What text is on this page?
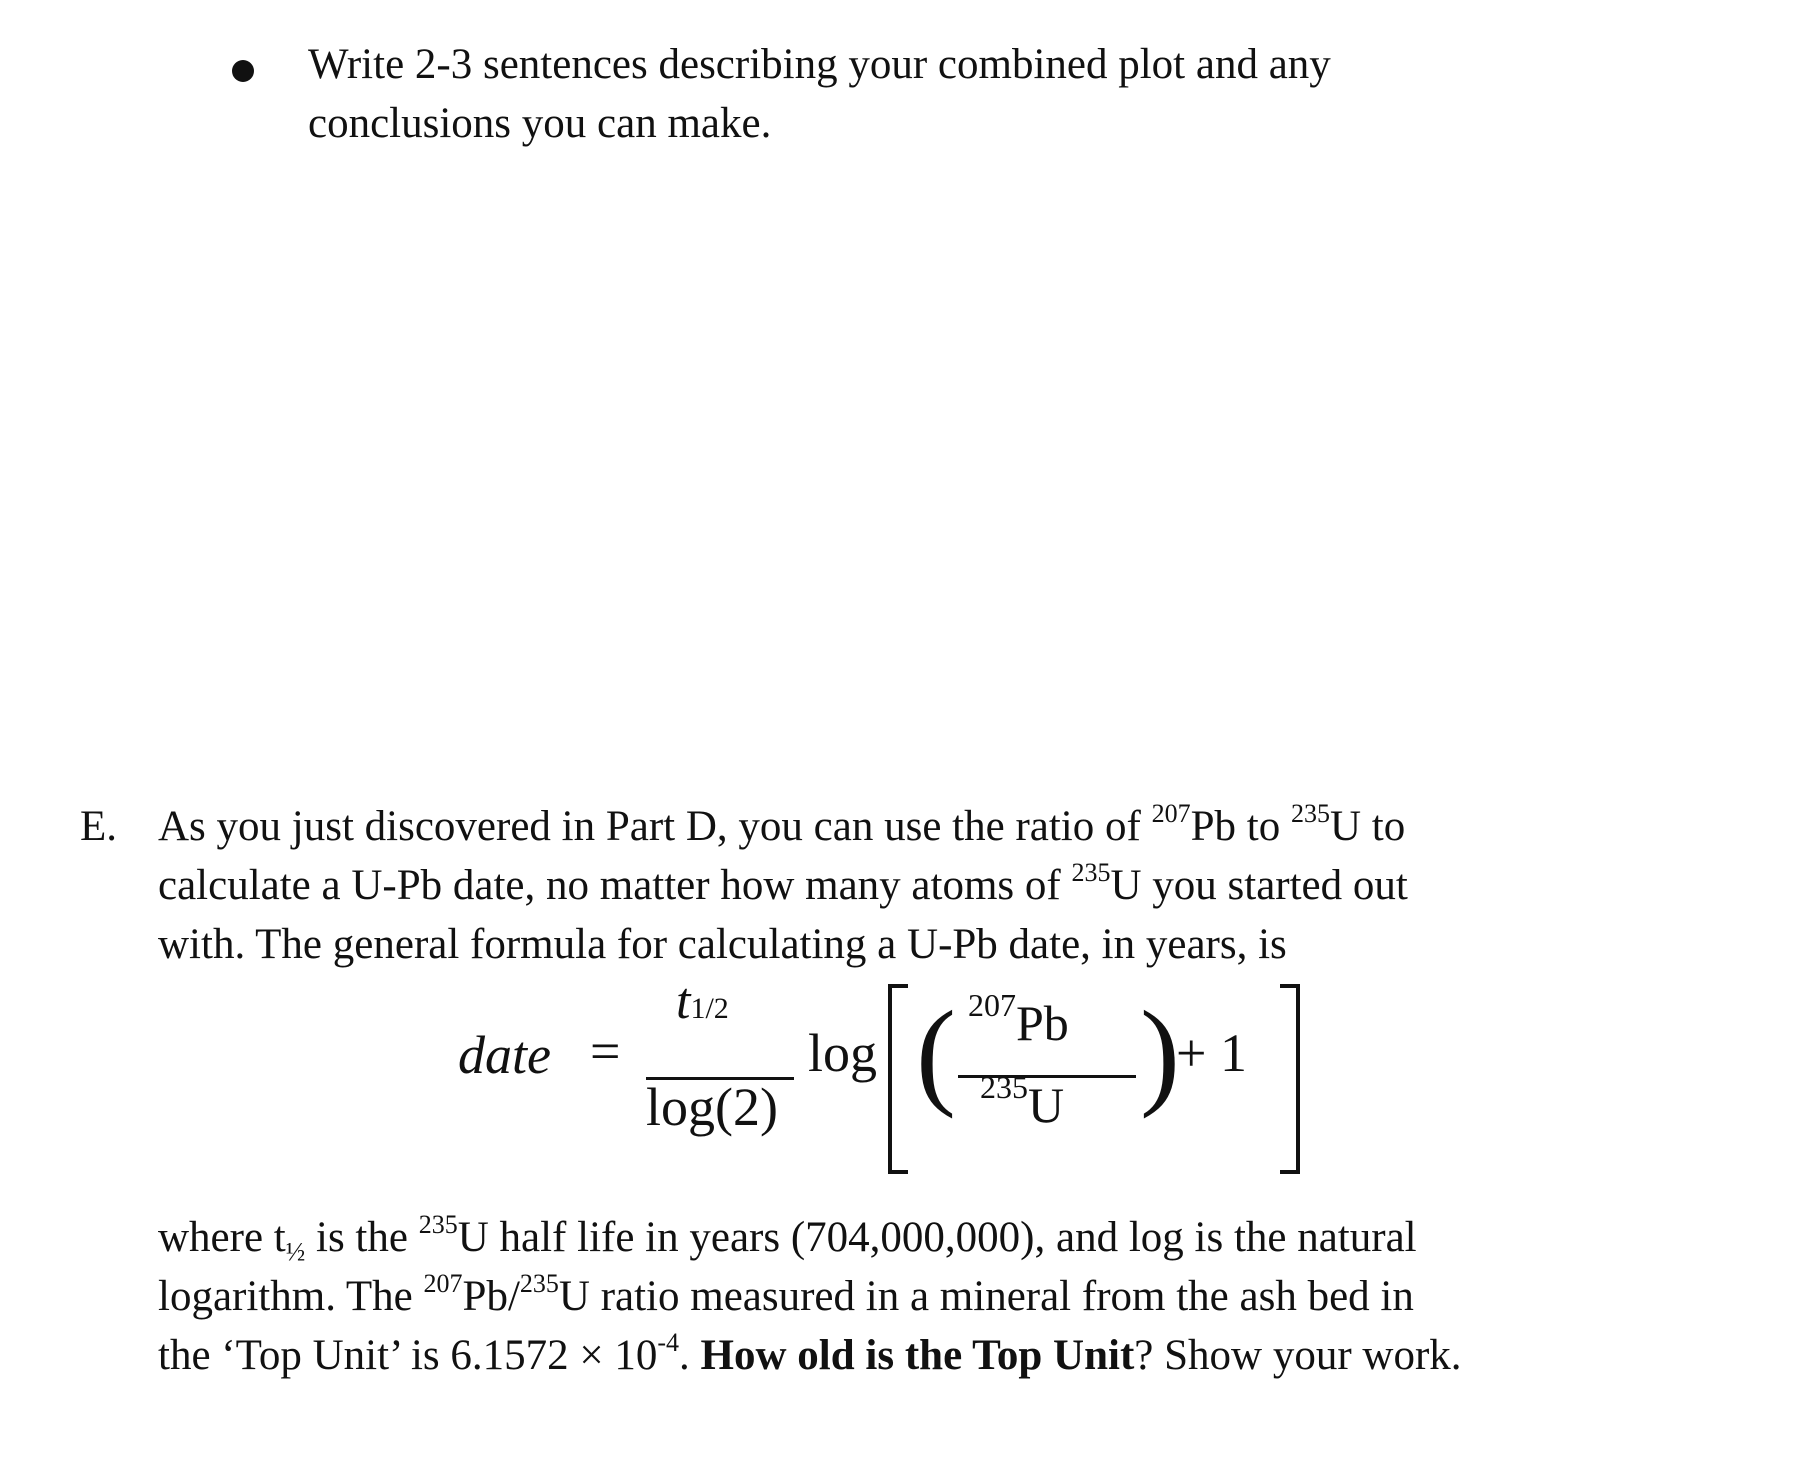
Write 2-3 sentences describing your combined plot and any
conclusions you can make.
E. As you just discovered in Part D, you can use the ratio of $^{207}$Pb to $^{235}$U to
calculate a U-Pb date, no matter how many atoms of $^{235}$U you started out
with. The general formula for calculating a U-Pb date, in years, is
date =
t1/2
log(2)
log ( $^{207}$Pb
$^{235}$U )
+ 1
where $t_{\frac{1}{2}}$ is the $^{235}$U half life in years (704,000,000), and log is the natural
logarithm. The $^{207}$Pb/$^{235}$U ratio measured in a mineral from the ash bed in
the ‘Top Unit’ is $6.1572 \times 10^{-4}$. How old is the Top Unit? Show your work.
